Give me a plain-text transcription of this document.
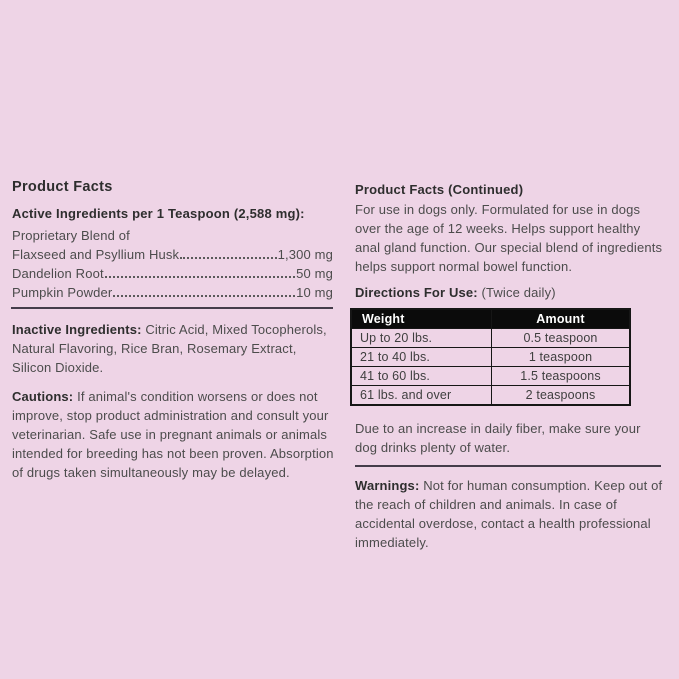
Product Facts
Active Ingredients per 1 Teaspoon (2,588 mg):
Proprietary Blend of
Flaxseed and Psyllium Husk	1,300 mg
Dandelion Root	50 mg
Pumpkin Powder	10 mg
Inactive Ingredients: Citric Acid, Mixed Tocopherols,
Natural Flavoring, Rice Bran, Rosemary Extract,
Silicon Dioxide.
Cautions: If animal's condition worsens or does not
improve, stop product administration and consult your
veterinarian. Safe use in pregnant animals or animals
intended for breeding has not been proven. Absorption
of drugs taken simultaneously may be delayed.
Product Facts (Continued)
For use in dogs only. Formulated for use in dogs
over the age of 12 weeks. Helps support healthy
anal gland function. Our special blend of ingredients
helps support normal bowel function.
Directions For Use: (Twice daily)
Weight	Amount
Up to 20 lbs.	0.5 teaspoon
21 to 40 lbs.	1 teaspoon
41 to 60 lbs.	1.5 teaspoons
61 lbs. and over	2 teaspoons
Due to an increase in daily fiber, make sure your
dog drinks plenty of water.
Warnings: Not for human consumption. Keep out of
the reach of children and animals. In case of
accidental overdose, contact a health professional
immediately.
